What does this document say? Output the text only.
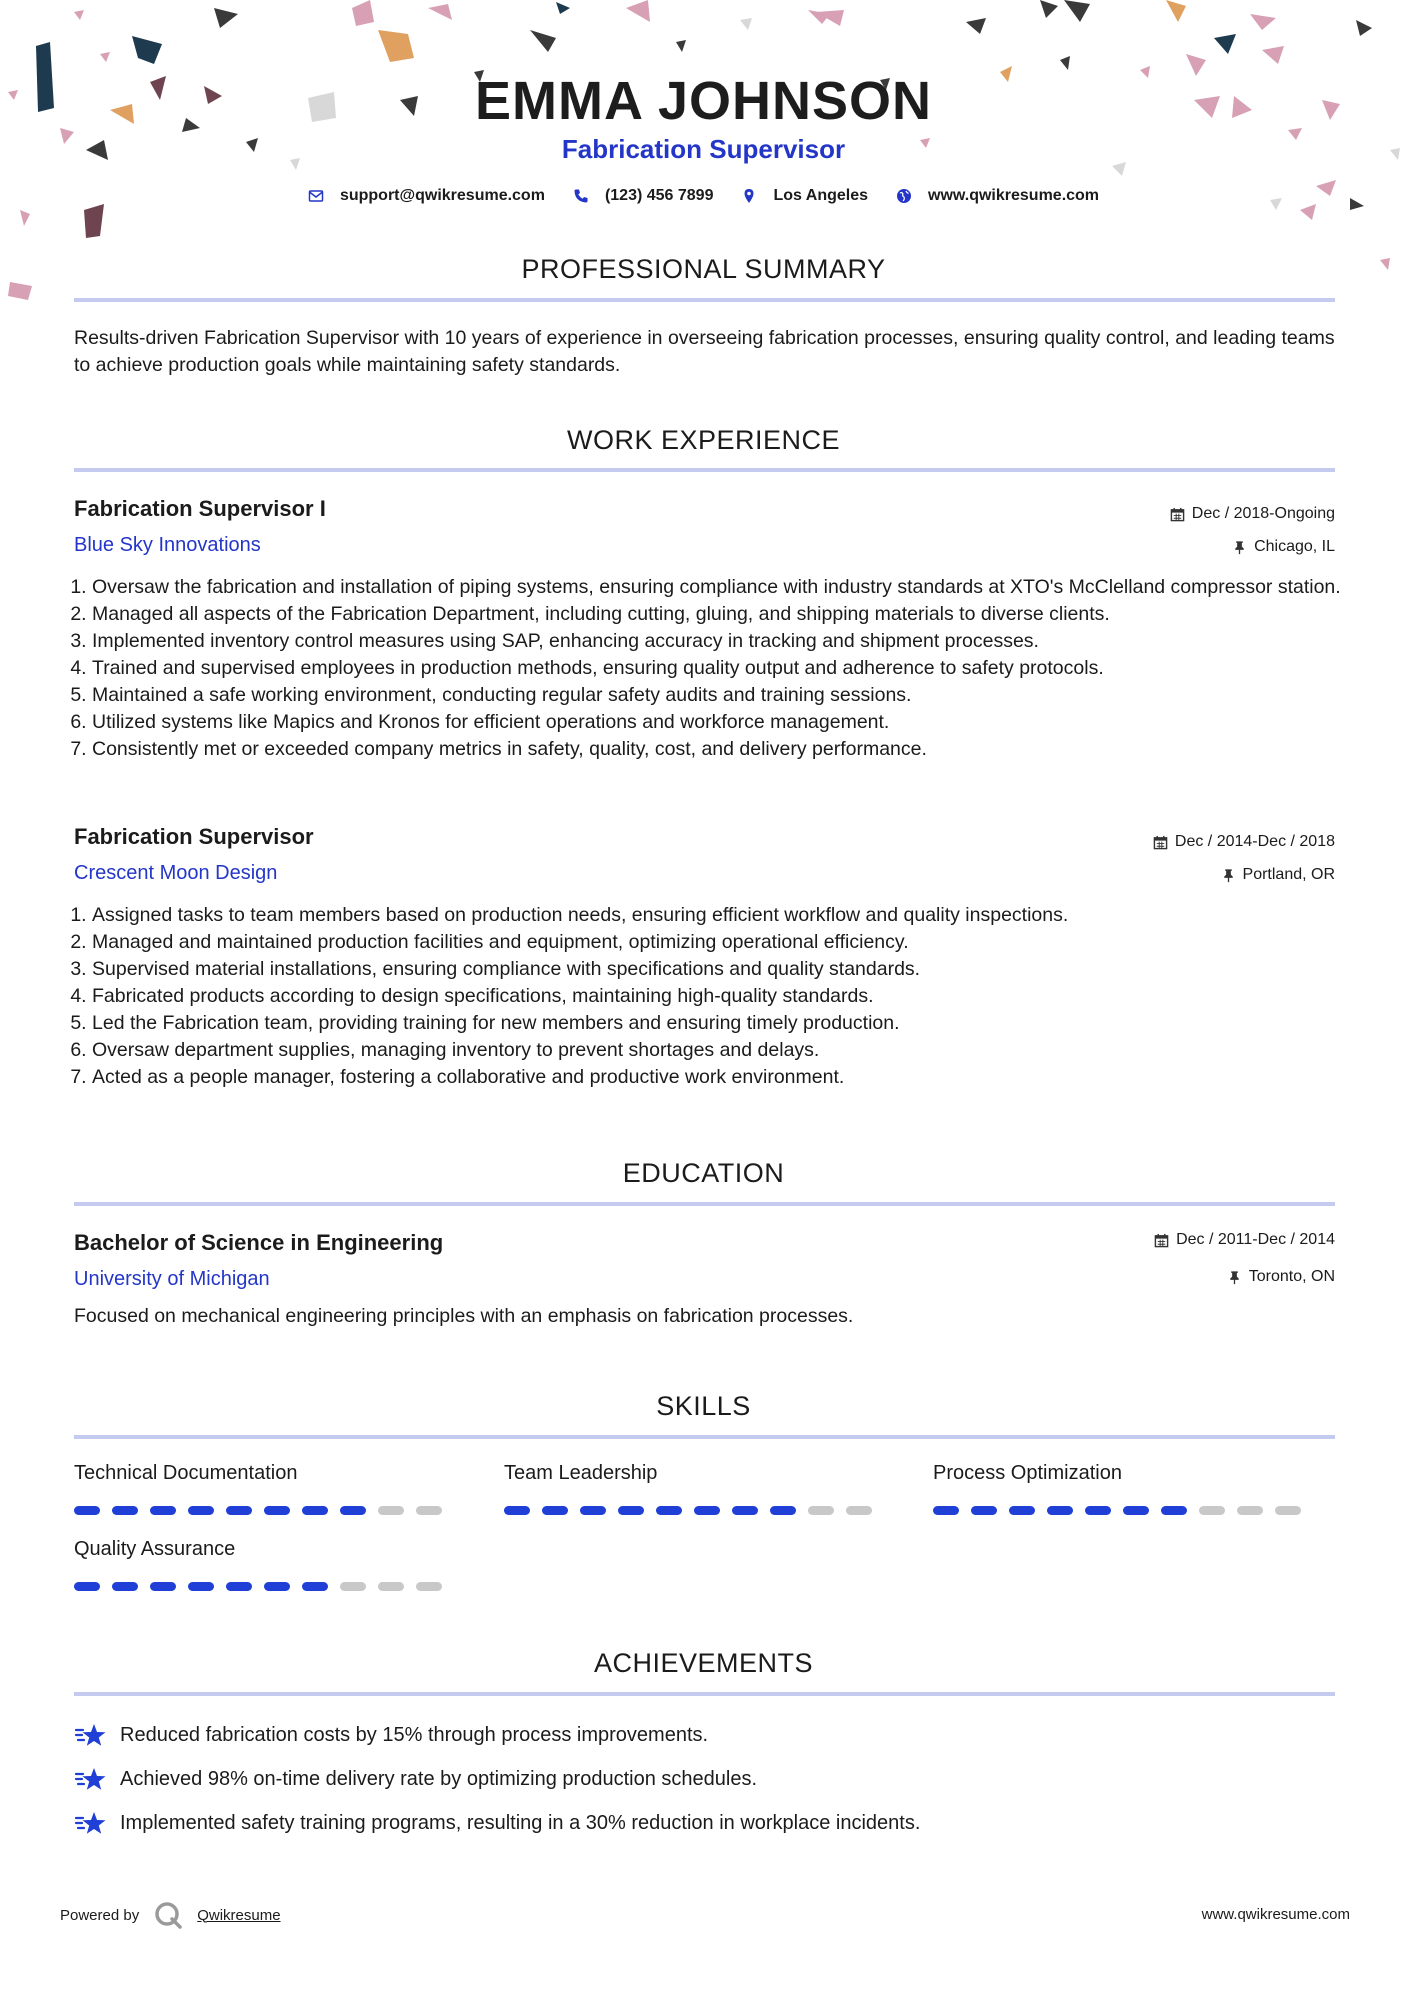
EMMA JOHNSON
Fabrication Supervisor
support@qwikresume.com	(123) 456 7899	Los Angeles	www.qwikresume.com
PROFESSIONAL SUMMARY
Results-driven Fabrication Supervisor with 10 years of experience in overseeing fabrication processes, ensuring quality control, and leading teams to achieve production goals while maintaining safety standards.
WORK EXPERIENCE
Fabrication Supervisor I	Dec / 2018-Ongoing
Blue Sky Innovations	Chicago, IL
1. Oversaw the fabrication and installation of piping systems, ensuring compliance with industry standards at XTO's McClelland compressor station.
2. Managed all aspects of the Fabrication Department, including cutting, gluing, and shipping materials to diverse clients.
3. Implemented inventory control measures using SAP, enhancing accuracy in tracking and shipment processes.
4. Trained and supervised employees in production methods, ensuring quality output and adherence to safety protocols.
5. Maintained a safe working environment, conducting regular safety audits and training sessions.
6. Utilized systems like Mapics and Kronos for efficient operations and workforce management.
7. Consistently met or exceeded company metrics in safety, quality, cost, and delivery performance.
Fabrication Supervisor	Dec / 2014-Dec / 2018
Crescent Moon Design	Portland, OR
1. Assigned tasks to team members based on production needs, ensuring efficient workflow and quality inspections.
2. Managed and maintained production facilities and equipment, optimizing operational efficiency.
3. Supervised material installations, ensuring compliance with specifications and quality standards.
4. Fabricated products according to design specifications, maintaining high-quality standards.
5. Led the Fabrication team, providing training for new members and ensuring timely production.
6. Oversaw department supplies, managing inventory to prevent shortages and delays.
7. Acted as a people manager, fostering a collaborative and productive work environment.
EDUCATION
Bachelor of Science in Engineering	Dec / 2011-Dec / 2014
University of Michigan	Toronto, ON
Focused on mechanical engineering principles with an emphasis on fabrication processes.
SKILLS
Technical Documentation	Team Leadership	Process Optimization
Quality Assurance
ACHIEVEMENTS
Reduced fabrication costs by 15% through process improvements.
Achieved 98% on-time delivery rate by optimizing production schedules.
Implemented safety training programs, resulting in a 30% reduction in workplace incidents.
Powered by	Qwikresume	www.qwikresume.com
